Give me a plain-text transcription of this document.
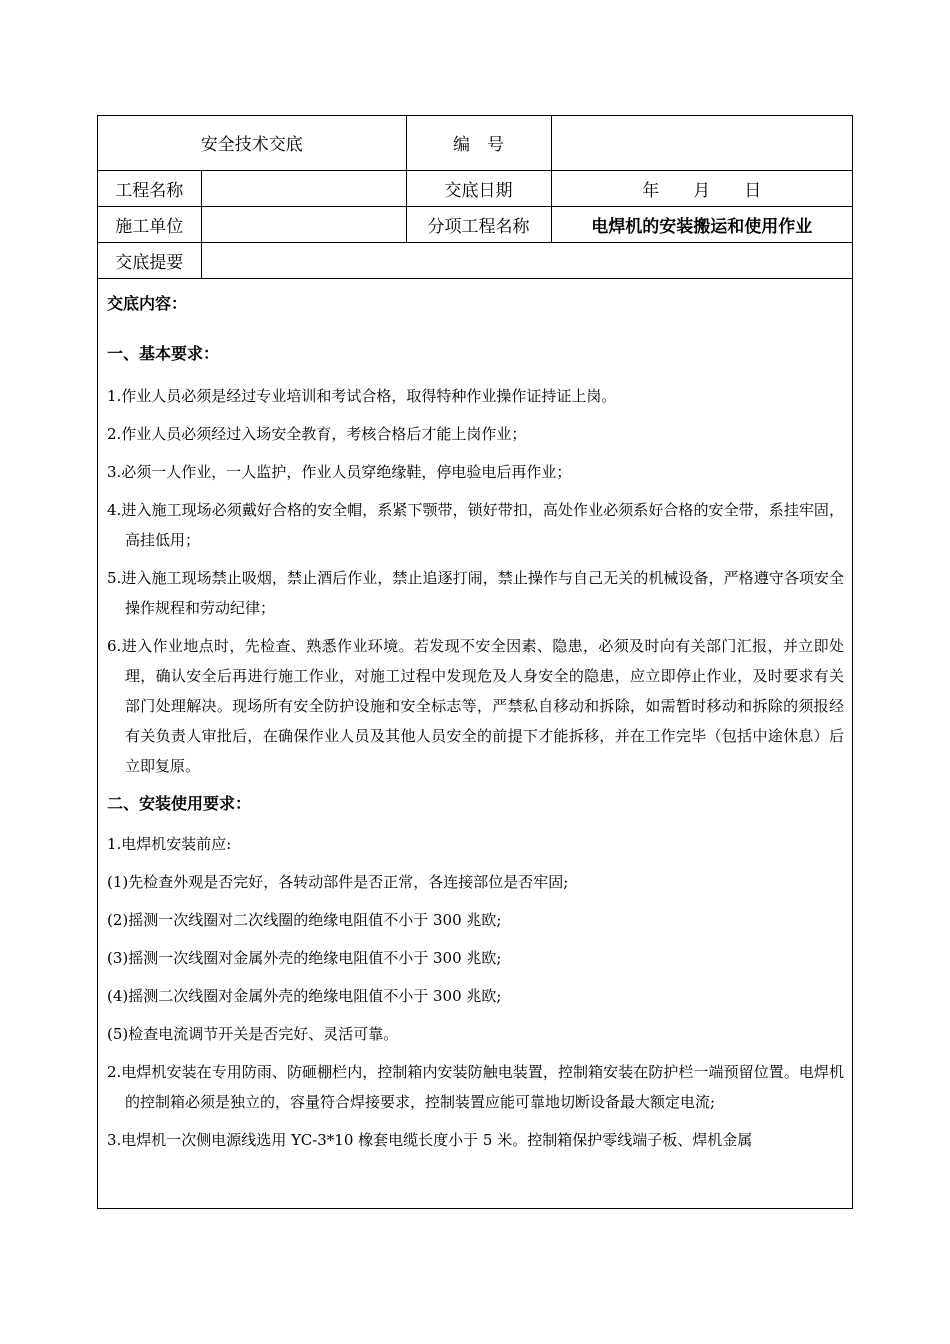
安全技术交底		编　号	
工程名称		交底日期	年　　月　　日
施工单位		分项工程名称	电焊机的安装搬运和使用作业
交底提要			

交底内容：

一、基本要求：

1.作业人员必须是经过专业培训和考试合格，取得特种作业操作证持证上岗。

2.作业人员必须经过入场安全教育，考核合格后才能上岗作业；

3.必须一人作业，一人监护，作业人员穿绝缘鞋，停电验电后再作业；

4.进入施工现场必须戴好合格的安全帽，系紧下颚带，锁好带扣，高处作业必须系好合格的安全带，系挂牢固，高挂低用；

5.进入施工现场禁止吸烟，禁止酒后作业，禁止追逐打闹，禁止操作与自己无关的机械设备，严格遵守各项安全操作规程和劳动纪律；

6.进入作业地点时，先检查、熟悉作业环境。若发现不安全因素、隐患，必须及时向有关部门汇报，并立即处理，确认安全后再进行施工作业，对施工过程中发现危及人身安全的隐患，应立即停止作业，及时要求有关部门处理解决。现场所有安全防护设施和安全标志等，严禁私自移动和拆除，如需暂时移动和拆除的须报经有关负责人审批后，在确保作业人员及其他人员安全的前提下才能拆移，并在工作完毕（包括中途休息）后立即复原。

二、安装使用要求：

1.电焊机安装前应:

(1)先检查外观是否完好，各转动部件是否正常，各连接部位是否牢固;

(2)摇测一次线圈对二次线圈的绝缘电阻值不小于 300 兆欧;

(3)摇测一次线圈对金属外壳的绝缘电阻值不小于 300 兆欧;

(4)摇测二次线圈对金属外壳的绝缘电阻值不小于 300 兆欧;

(5)检查电流调节开关是否完好、灵活可靠。

2.电焊机安装在专用防雨、防砸棚栏内，控制箱内安装防触电装置，控制箱安装在防护栏一端预留位置。电焊机的控制箱必须是独立的，容量符合焊接要求，控制装置应能可靠地切断设备最大额定电流;

3.电焊机一次侧电源线选用 YC-3*10 橡套电缆长度小于 5 米。控制箱保护零线端子板、焊机金属
